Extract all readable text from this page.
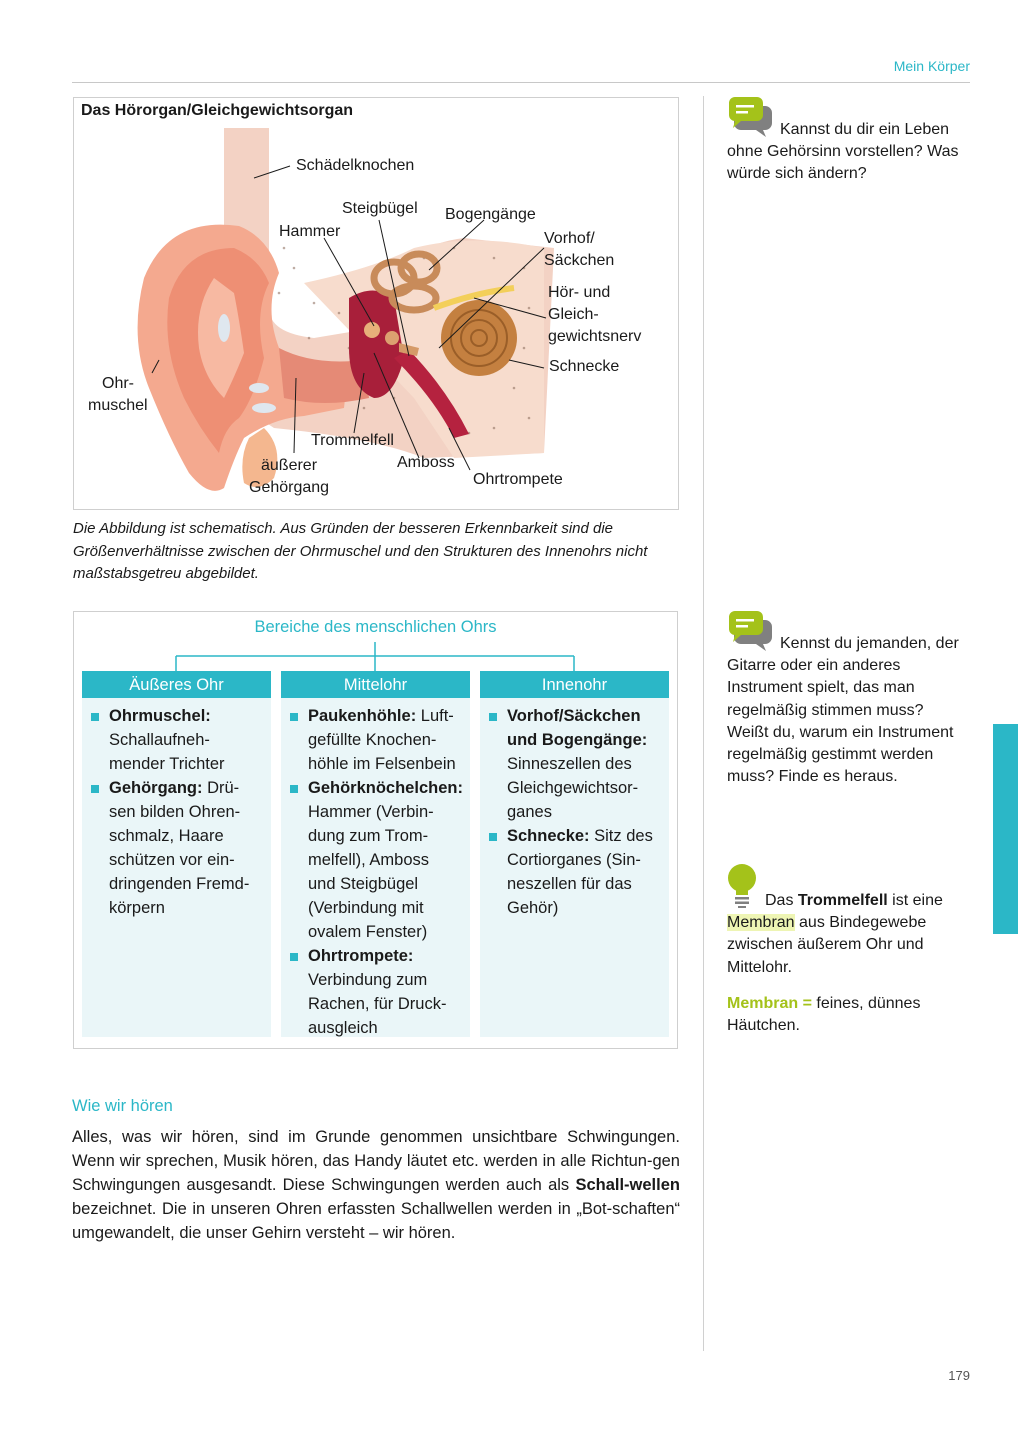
Mein Körper
179
Das Hörorgan/Gleichgewichtsorgan
Schädelknochen
Steigbügel Bogengänge
Hammer	Vorhof/
Säckchen
Hör- und
Gleich-
gewichtsnerv
Schnecke
Ohr-
muschel
Trommelfell
Amboss
äußerer
Gehörgang	Ohrtrompete
Die Abbildung ist schematisch. Aus Gründen der besseren Erkennbarkeit sind die Größenverhältnisse zwischen der Ohrmuschel und den Strukturen des Innenohrs nicht maßstabsgetreu abgebildet.
Bereiche des menschlichen Ohrs
Äußeres Ohr
Ohrmuschel:
Schallaufneh-
mender Trichter
Gehörgang: Drü-
sen bilden Ohren-
schmalz, Haare
schützen vor ein-
dringenden Fremd-
körpern
Mittelohr
Paukenhöhle: Luft-
gefüllte Knochen-
höhle im Felsenbein
Gehörknöchelchen:
Hammer (Verbin-
dung zum Trom-
melfell), Amboss
und Steigbügel
(Verbindung mit
ovalem Fenster)
Ohrtrompete:
Verbindung zum
Rachen, für Druck-
ausgleich
Innenohr
Vorhof/Säckchen
und Bogengänge:
Sinneszellen des
Gleichgewichtsor-
ganes
Schnecke: Sitz des
Cortiorganes (Sin-
neszellen für das
Gehör)
Wie wir hören
Alles, was wir hören, sind im Grunde genommen unsichtbare Schwingungen. Wenn wir sprechen, Musik hören, das Handy läutet etc. werden in alle Richtun-gen Schwingungen ausgesandt. Diese Schwingungen werden auch als Schall-wellen bezeichnet. Die in unseren Ohren erfassten Schallwellen werden in „Bot-schaften“ umgewandelt, die unser Gehirn versteht – wir hören.
Kannst du dir ein Leben ohne Gehörsinn vorstellen? Was würde sich ändern?
Kennst du jemanden, der Gitarre oder ein anderes Instrument spielt, das man regelmäßig stimmen muss? Weißt du, warum ein Instrument regelmäßig gestimmt werden muss? Finde es heraus.
Das Trommelfell ist eine Membran aus Bindegewebe zwischen äußerem Ohr und Mittelohr.
Membran = feines, dünnes Häutchen.
